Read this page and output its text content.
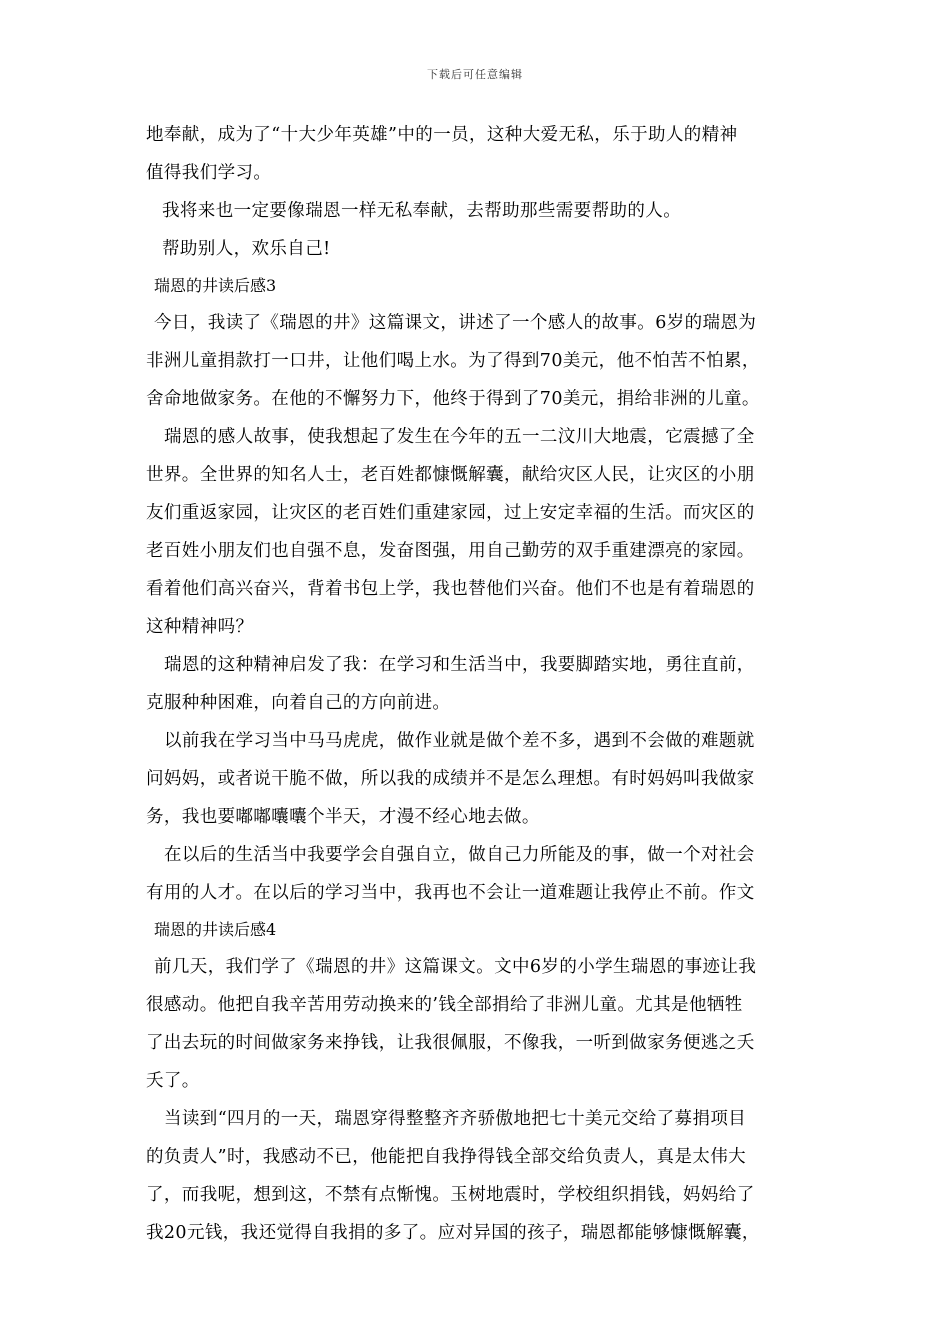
下载后可任意编辑
地奉献，成为了“十大少年英雄”中的一员，这种大爱无私，乐于助人的精神
值得我们学习。
我将来也一定要像瑞恩一样无私奉献，去帮助那些需要帮助的人。
帮助别人，欢乐自己!
瑞恩的井读后感3
今日，我读了《瑞恩的井》这篇课文，讲述了一个感人的故事。6岁的瑞恩为
非洲儿童捐款打一口井，让他们喝上水。为了得到70美元，他不怕苦不怕累，
舍命地做家务。在他的不懈努力下，他终于得到了70美元，捐给非洲的儿童。
瑞恩的感人故事，使我想起了发生在今年的五一二汶川大地震，它震撼了全
世界。全世界的知名人士，老百姓都慷慨解囊，献给灾区人民，让灾区的小朋
友们重返家园，让灾区的老百姓们重建家园，过上安定幸福的生活。而灾区的
老百姓小朋友们也自强不息，发奋图强，用自己勤劳的双手重建漂亮的家园。
看着他们高兴奋兴，背着书包上学，我也替他们兴奋。他们不也是有着瑞恩的
这种精神吗？
瑞恩的这种精神启发了我：在学习和生活当中，我要脚踏实地，勇往直前，
克服种种困难，向着自己的方向前进。
以前我在学习当中马马虎虎，做作业就是做个差不多，遇到不会做的难题就
问妈妈，或者说干脆不做，所以我的成绩并不是怎么理想。有时妈妈叫我做家
务，我也要嘟嘟囔囔个半天，才漫不经心地去做。
在以后的生活当中我要学会自强自立，做自己力所能及的事，做一个对社会
有用的人才。在以后的学习当中，我再也不会让一道难题让我停止不前。作文
瑞恩的井读后感4
前几天，我们学了《瑞恩的井》这篇课文。文中6岁的小学生瑞恩的事迹让我
很感动。他把自我辛苦用劳动换来的’钱全部捐给了非洲儿童。尤其是他牺牲
了出去玩的时间做家务来挣钱，让我很佩服，不像我，一听到做家务便逃之夭
夭了。
当读到“四月的一天，瑞恩穿得整整齐齐骄傲地把七十美元交给了募捐项目
的负责人”时，我感动不已，他能把自我挣得钱全部交给负责人，真是太伟大
了，而我呢，想到这，不禁有点惭愧。玉树地震时，学校组织捐钱，妈妈给了
我20元钱，我还觉得自我捐的多了。应对异国的孩子，瑞恩都能够慷慨解囊，
